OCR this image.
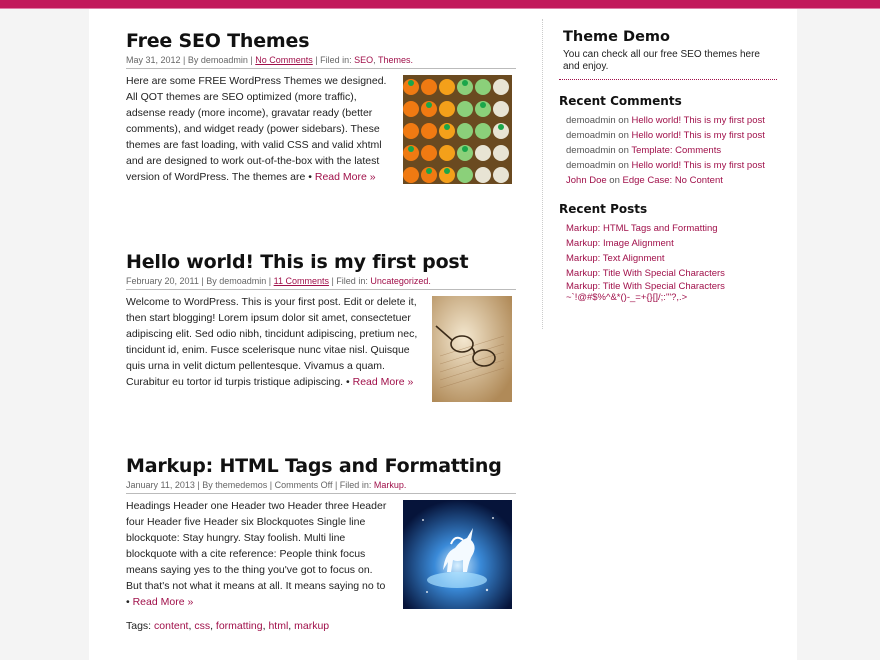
Free SEO Themes
May 31, 2012 | By demoadmin | No Comments | Filed in: SEO, Themes.
Here are some FREE WordPress Themes we designed. All QOT themes are SEO optimized (more traffic), adsense ready (more income), gravatar ready (better comments), and widget ready (power sidebars). These themes are fast loading, with valid CSS and valid xhtml and are designed to work out-of-the-box with the latest version of WordPress. The themes are • Read More »
Hello world! This is my first post
February 20, 2011 | By demoadmin | 11 Comments | Filed in: Uncategorized.
Welcome to WordPress. This is your first post. Edit or delete it, then start blogging! Lorem ipsum dolor sit amet, consectetuer adipiscing elit. Sed odio nibh, tincidunt adipiscing, pretium nec, tincidunt id, enim. Fusce scelerisque nunc vitae nisl. Quisque quis urna in velit dictum pellentesque. Vivamus a quam. Curabitur eu tortor id turpis tristique adipiscing. • Read More »
Markup: HTML Tags and Formatting
January 11, 2013 | By themedemos | Comments Off | Filed in: Markup.
Headings Header one Header two Header three Header four Header five Header six Blockquotes Single line blockquote: Stay hungry. Stay foolish. Multi line blockquote with a cite reference: People think focus means saying yes to the thing you've got to focus on. But that's not what it means at all. It means saying no to • Read More »
Tags: content, css, formatting, html, markup
Theme Demo
You can check all our free SEO themes here and enjoy.
Recent Comments
demoadmin on Hello world! This is my first post
demoadmin on Hello world! This is my first post
demoadmin on Template: Comments
demoadmin on Hello world! This is my first post
John Doe on Edge Case: No Content
Recent Posts
Markup: HTML Tags and Formatting
Markup: Image Alignment
Markup: Text Alignment
Markup: Title With Special Characters
Markup: Title With Special Characters ~`!@#$%^&*()-_=+{}[]/;:'"?,.>
